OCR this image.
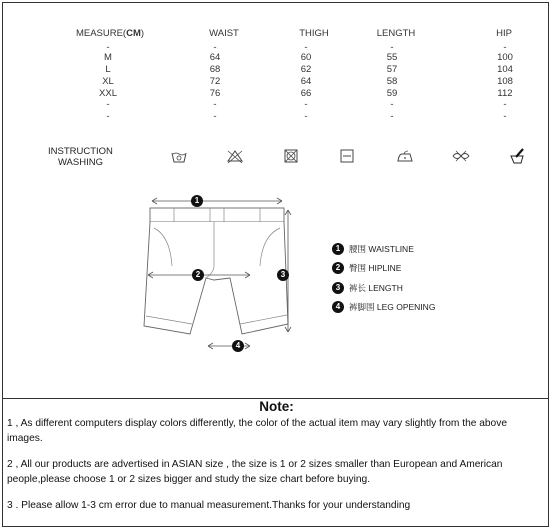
MEASURE(CM)	WAIST	THIGH	LENGTH	HIP
-	-	-	-	-
M	64	60	55	100
L	68	62	57	104
XL	72	64	58	108
XXL	76	66	59	112
-	-	-	-	-
-	-	-	-	-
INSTRUCTION
WASHING
1
2	3
4
1	腰围 WAISTLINE
2	臀围 HIPLINE
3	裤长 LENGTH
4	裤脚围 LEG OPENING
Note:
1 , As different computers display colors differently, the color of the actual item may vary slightly from the above images.
2 , All our products are advertised in ASIAN size , the size is 1 or 2 sizes smaller than European and American people,please choose 1 or 2 sizes bigger and study the size chart before buying.
3 . Please allow 1-3 cm error due to manual measurement.Thanks for your understanding
